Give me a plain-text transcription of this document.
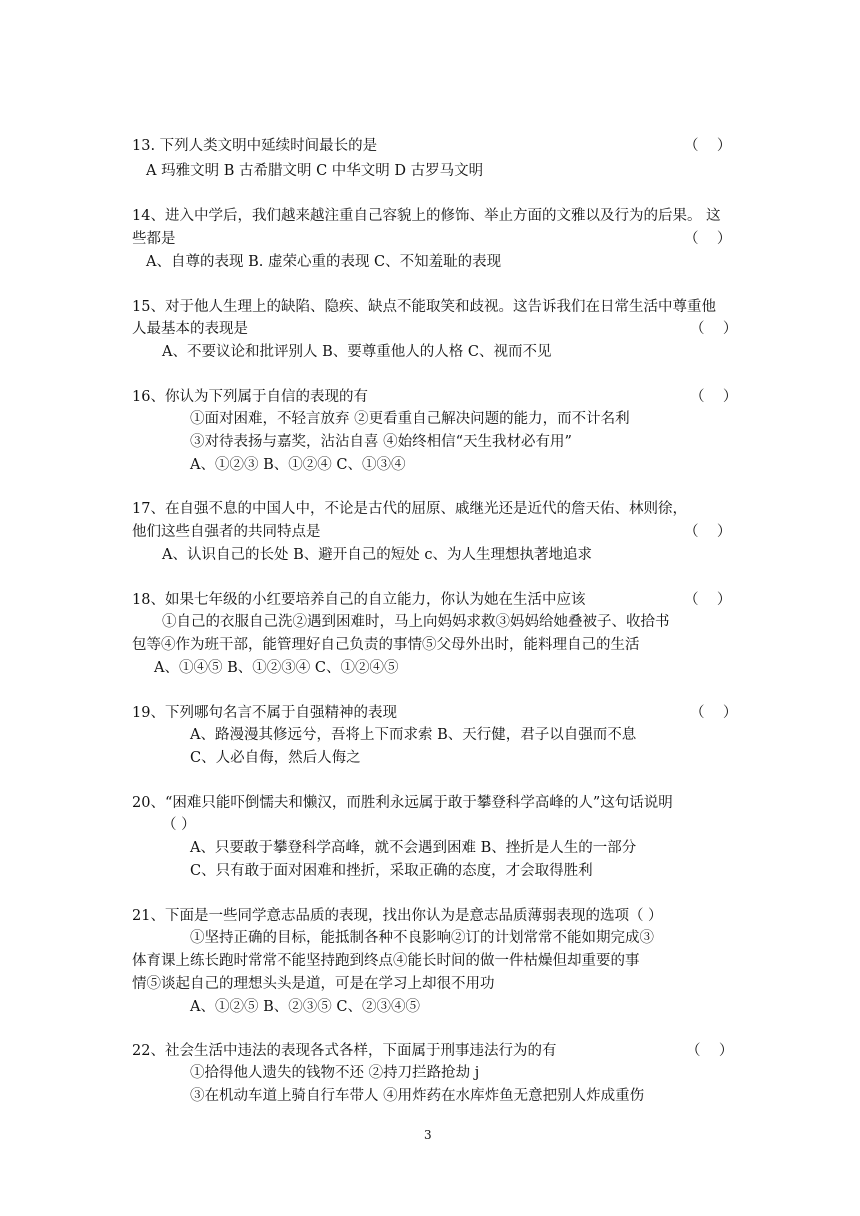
13. 下列人类文明中延续时间最长的是	（    ）
A 玛雅文明 B 古希腊文明 C 中华文明 D 古罗马文明
14、进入中学后，我们越来越注重自己容貌上的修饰、举止方面的文雅以及行为的后果。 这
些都是	（    ）
A、自尊的表现 B. 虚荣心重的表现 C、不知羞耻的表现
15、对于他人生理上的缺陷、隐疾、缺点不能取笑和歧视。这告诉我们在日常生活中尊重他
人最基本的表现是	（    ）
A、不要议论和批评别人 B、要尊重他人的人格 C、视而不见
16、你认为下列属于自信的表现的有	（    ）
①面对困难，不轻言放弃 ②更看重自己解决问题的能力，而不计名利
③对待表扬与嘉奖，沾沾自喜 ④始终相信“天生我材必有用”
A、①②③ B、①②④ C、①③④
17、在自强不息的中国人中，不论是古代的屈原、戚继光还是近代的詹天佑、林则徐，
他们这些自强者的共同特点是	（    ）
A、认识自己的长处 B、避开自己的短处 c、为人生理想执著地追求
18、如果七年级的小红要培养自己的自立能力，你认为她在生活中应该	（    ）
①自己的衣服自己洗②遇到困难时，马上向妈妈求救③妈妈给她叠被子、收拾书
包等④作为班干部，能管理好自己负责的事情⑤父母外出时，能料理自己的生活
A、①④⑤ B、①②③④ C、①②④⑤
19、下列哪句名言不属于自强精神的表现	（    ）
A、路漫漫其修远兮，吾将上下而求索 B、天行健，君子以自强而不息
C、人必自侮，然后人侮之
20、“困难只能吓倒懦夫和懒汉，而胜利永远属于敢于攀登科学高峰的人”这句话说明
（ ）
A、只要敢于攀登科学高峰，就不会遇到困难 B、挫折是人生的一部分
C、只有敢于面对困难和挫折，采取正确的态度，才会取得胜利
21、下面是一些同学意志品质的表现，找出你认为是意志品质薄弱表现的选项（ ）
①坚持正确的目标，能抵制各种不良影响②订的计划常常不能如期完成③
体育课上练长跑时常常不能坚持跑到终点④能长时间的做一件枯燥但却重要的事
情⑤谈起自己的理想头头是道，可是在学习上却很不用功
A、①②⑤ B、②③⑤ C、②③④⑤
22、社会生活中违法的表现各式各样，下面属于刑事违法行为的有	（    ）
①拾得他人遗失的钱物不还 ②持刀拦路抢劫 j
③在机动车道上骑自行车带人 ④用炸药在水库炸鱼无意把别人炸成重伤
3
